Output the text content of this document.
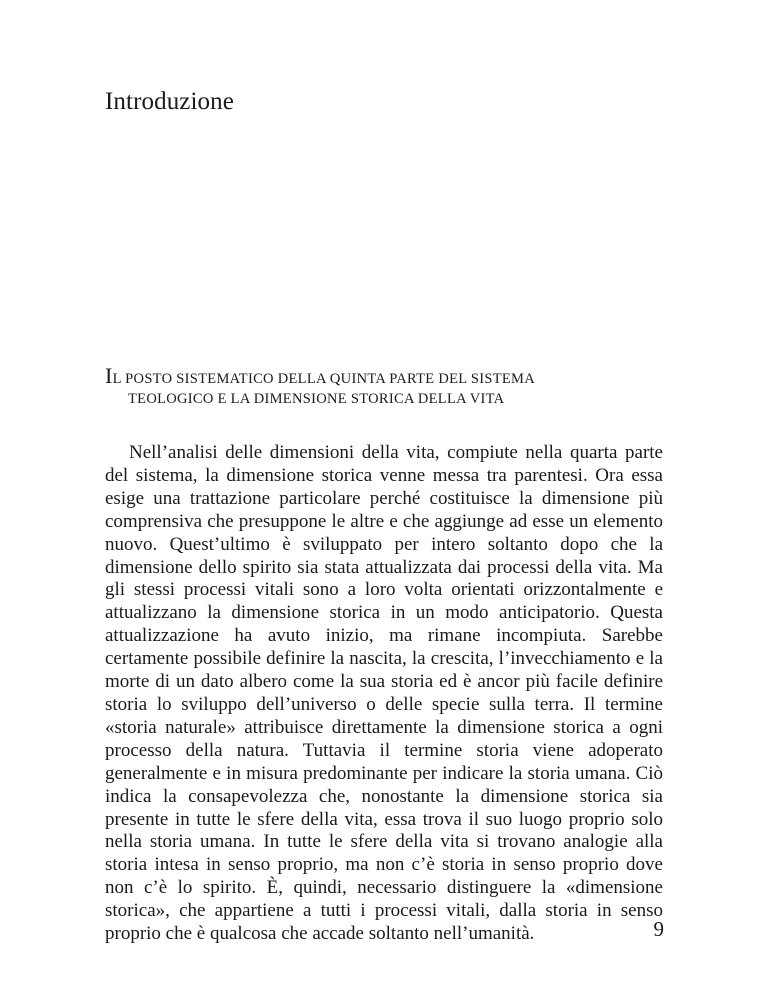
Introduzione
IL POSTO SISTEMATICO DELLA QUINTA PARTE DEL SISTEMA
TEOLOGICO E LA DIMENSIONE STORICA DELLA VITA

Nell’analisi delle dimensioni della vita, compiute nella quarta parte del sistema, la dimensione storica venne messa tra parentesi. Ora essa esige una trattazione particolare perché costituisce la dimensione più comprensiva che presuppone le altre e che aggiunge ad esse un elemento nuovo. Quest’ultimo è sviluppato per intero soltanto dopo che la dimensione dello spirito sia stata attualizzata dai processi della vita. Ma gli stessi processi vitali sono a loro volta orientati orizzontalmente e attualizzano la dimensione storica in un modo anticipatorio. Questa attualizzazione ha avuto inizio, ma rimane incompiuta. Sarebbe certamente possibile definire la nascita, la crescita, l’invecchiamento e la morte di un dato albero come la sua storia ed è ancor più facile definire storia lo sviluppo dell’universo o delle specie sulla terra. Il termine «storia naturale» attribuisce direttamente la dimensione storica a ogni processo della natura. Tuttavia il termine storia viene adoperato generalmente e in misura predominante per indicare la storia umana. Ciò indica la consapevolezza che, nonostante la dimensione storica sia presente in tutte le sfere della vita, essa trova il suo luogo proprio solo nella storia umana. In tutte le sfere della vita si trovano analogie alla storia intesa in senso proprio, ma non c’è storia in senso proprio dove non c’è lo spirito. È, quindi, necessario distinguere la «dimensione storica», che appartiene a tutti i processi vitali, dalla storia in senso proprio che è qualcosa che accade soltanto nell’umanità.	9
